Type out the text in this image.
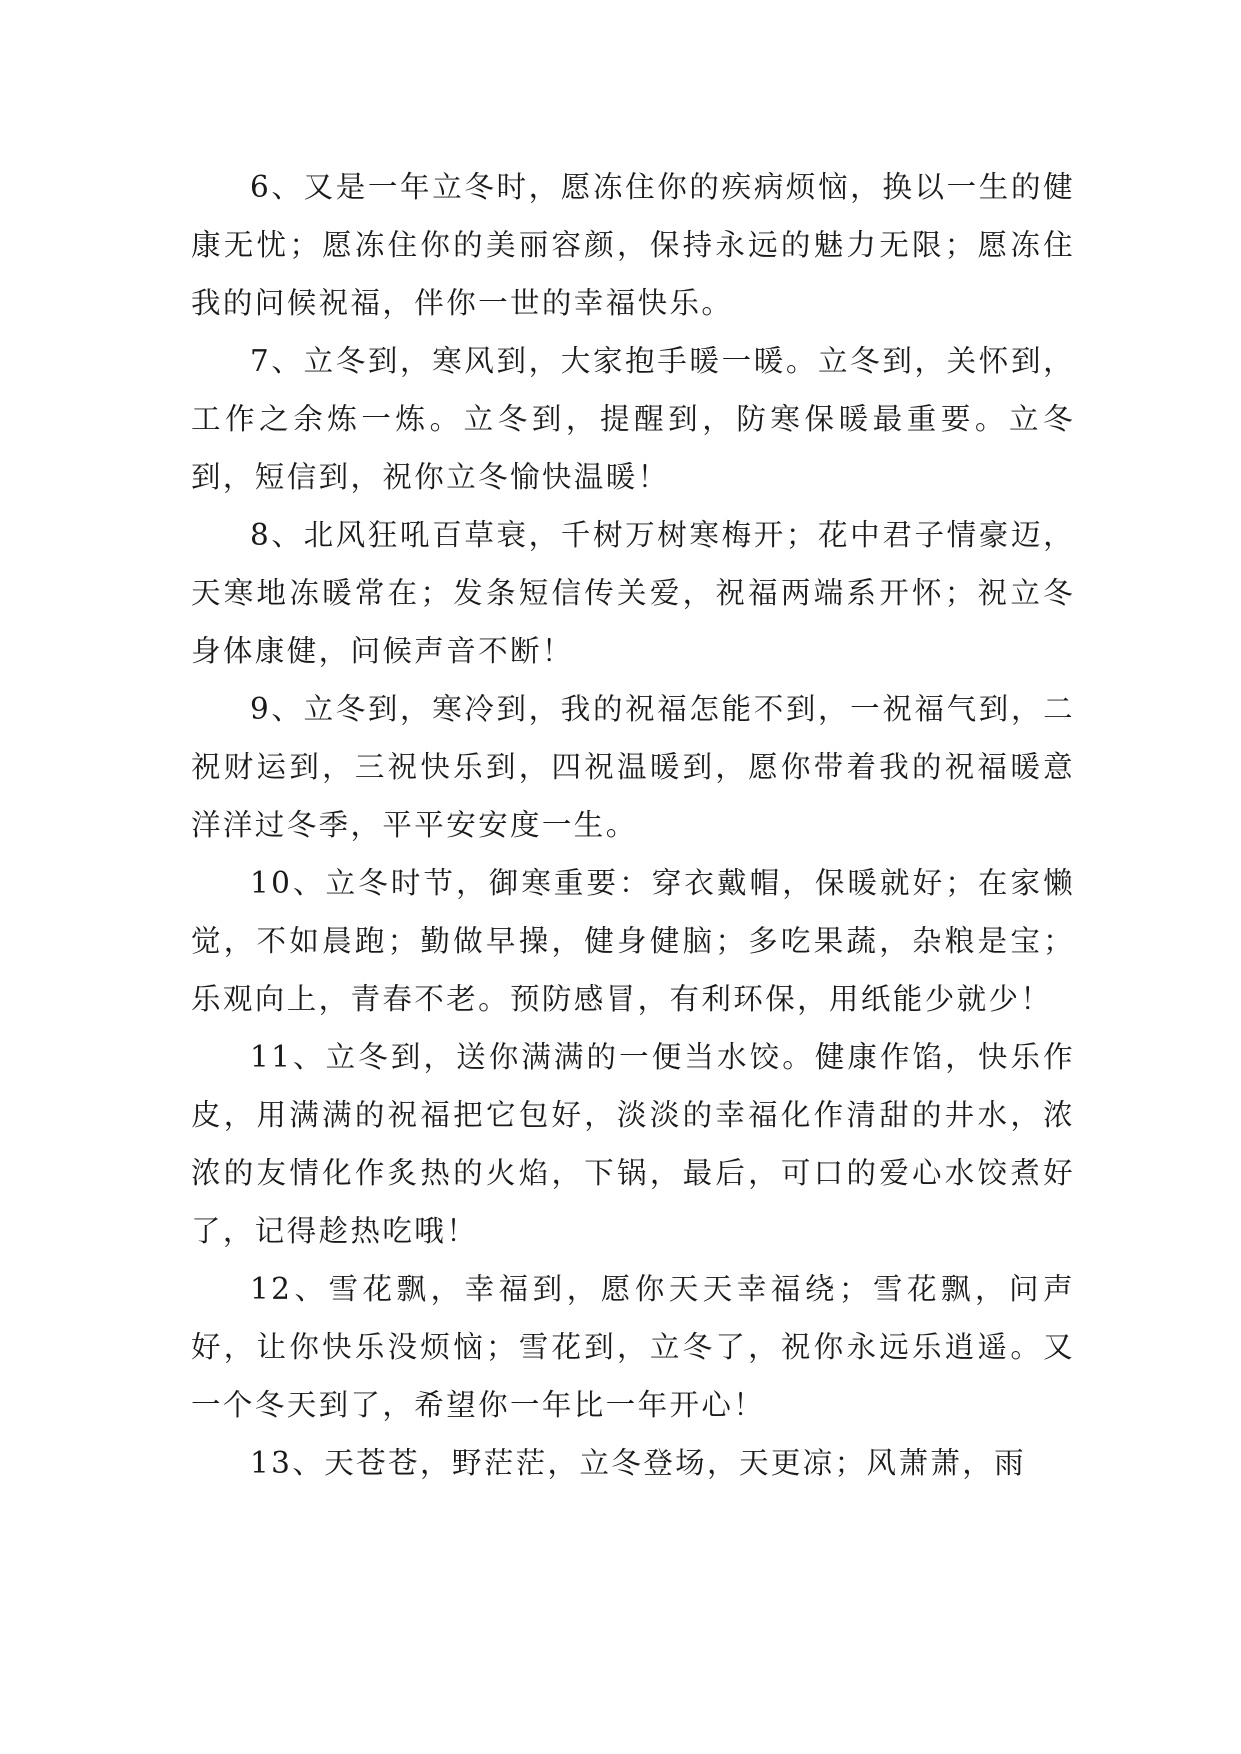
6、又是一年立冬时，愿冻住你的疾病烦恼，换以一生的健康无忧；愿冻住你的美丽容颜，保持永远的魅力无限；愿冻住我的问候祝福，伴你一世的幸福快乐。

7、立冬到，寒风到，大家抱手暖一暖。立冬到，关怀到，工作之余炼一炼。立冬到，提醒到，防寒保暖最重要。立冬到，短信到，祝你立冬愉快温暖！

8、北风狂吼百草衰，千树万树寒梅开；花中君子情豪迈，天寒地冻暖常在；发条短信传关爱，祝福两端系开怀；祝立冬身体康健，问候声音不断！

9、立冬到，寒冷到，我的祝福怎能不到，一祝福气到，二祝财运到，三祝快乐到，四祝温暖到，愿你带着我的祝福暖意洋洋过冬季，平平安安度一生。

10、立冬时节，御寒重要：穿衣戴帽，保暖就好；在家懒觉，不如晨跑；勤做早操，健身健脑；多吃果蔬，杂粮是宝；乐观向上，青春不老。预防感冒，有利环保，用纸能少就少！

11、立冬到，送你满满的一便当水饺。健康作馅，快乐作皮，用满满的祝福把它包好，淡淡的幸福化作清甜的井水，浓浓的友情化作炙热的火焰，下锅，最后，可口的爱心水饺煮好了，记得趁热吃哦！

12、雪花飘，幸福到，愿你天天幸福绕；雪花飘，问声好，让你快乐没烦恼；雪花到，立冬了，祝你永远乐逍遥。又一个冬天到了，希望你一年比一年开心！

13、天苍苍，野茫茫，立冬登场，天更凉；风萧萧，雨
